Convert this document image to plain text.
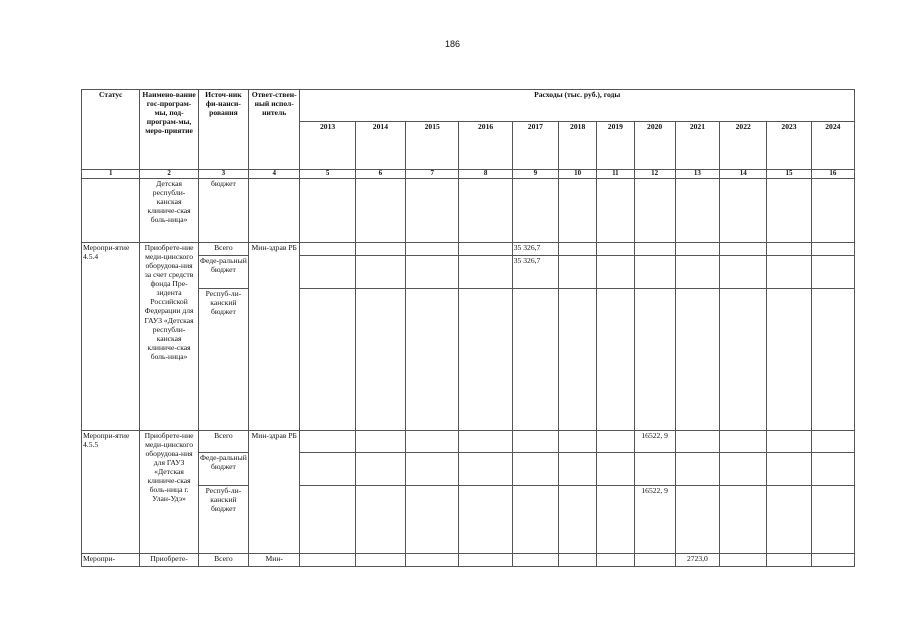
186
Статус	Наимено-вание гос-програм-мы, под-програм-мы, меро-приятие	Источ-ник фи-нанси-рования	Ответ-ствен-ный испол-нитель	Расходы (тыс. руб.), годы											
				2013	2014	2015	2016	2017	2018	2019	2020	2021	2022	2023	2024
1	2	3	4	5	6	7	8	9	10	11	12	13	14	15	16
	Детская республи-канская клиниче-ская боль-ница»	бюджет													
Меропри-ятие 4.5.4	Приобрете-ние меди-цинского оборудова-ния за счет средств фонда Пре-зидента Российской Федерации для ГАУЗ «Детская республи-канская клиниче-ская боль-ница»	Всего	Мин-здрав РБ					35 326,7							
		Феде-ральный бюджет						35 326,7							
		Респуб-ли-канский бюджет													
Меропри-ятие 4.5.5	Приобрете-ние меди-цинского оборудова-ния для ГАУЗ «Детская клиниче-ская боль-ница г. Улан-Удэ»	Всего	Мин-здрав РБ								16522, 9				
		Феде-ральный бюджет													
		Респуб-ли-канский бюджет									16522, 9				
Меропри-	Приобрете-	Всего	Мин-									2723,0			
